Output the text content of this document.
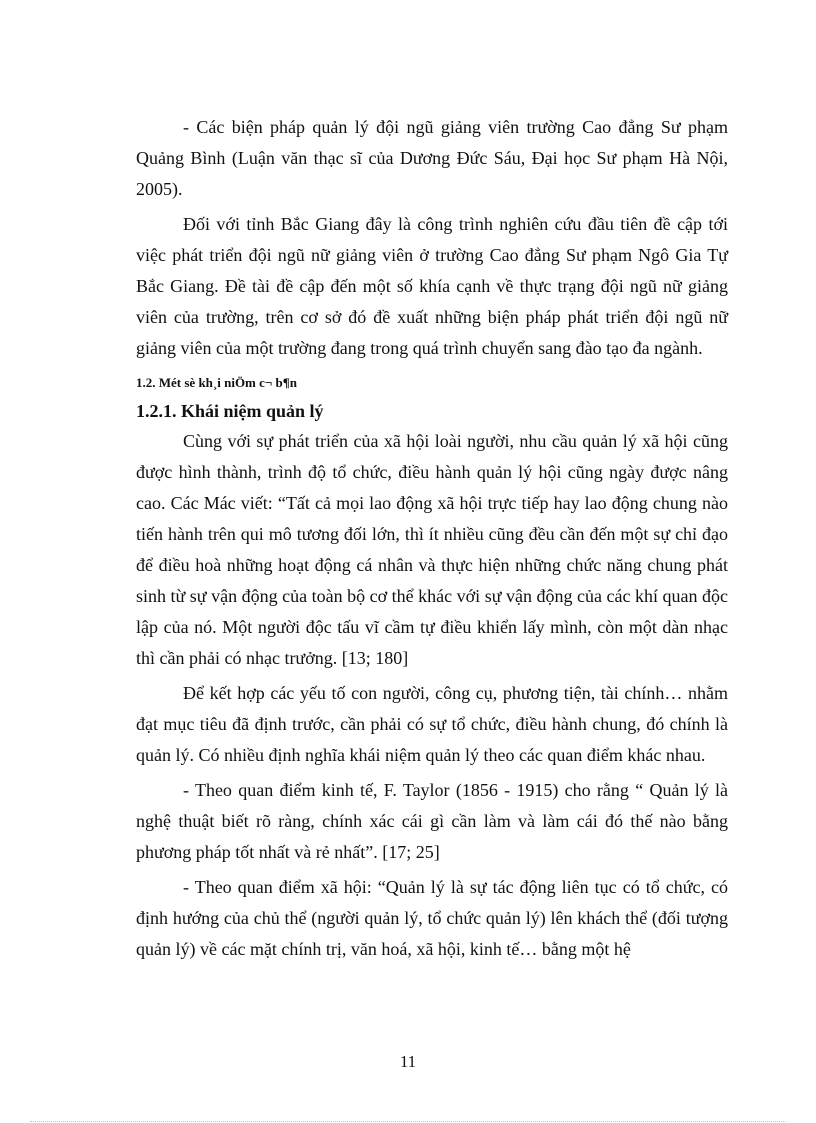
- Các biện pháp quản lý đội ngũ giảng viên trường Cao đẳng Sư phạm Quảng Bình (Luận văn thạc sĩ của Dương Đức Sáu, Đại học Sư phạm Hà Nội, 2005).

Đối với tỉnh Bắc Giang đây là công trình nghiên cứu đầu tiên đề cập tới việc phát triển đội ngũ nữ giảng viên ở trường Cao đẳng Sư phạm Ngô Gia Tự Bắc Giang. Đề tài đề cập đến một số khía cạnh về thực trạng đội ngũ nữ giảng viên của trường, trên cơ sở đó đề xuất những biện pháp phát triển đội ngũ nữ giảng viên của một trường đang trong quá trình chuyển sang đào tạo đa ngành.

1.2. Mét sè kh¸i niÖm c¬ b¶n

1.2.1. Khái niệm quản lý

Cùng với sự phát triển của xã hội loài người, nhu cầu quản lý xã hội cũng được hình thành, trình độ tổ chức, điều hành quản lý hội cũng ngày được nâng cao. Các Mác viết: “Tất cả mọi lao động xã hội trực tiếp hay lao động chung nào tiến hành trên qui mô tương đối lớn, thì ít nhiều cũng đều cần đến một sự chỉ đạo để điều hoà những hoạt động cá nhân và thực hiện những chức năng chung phát sinh từ sự vận động của toàn bộ cơ thể khác với sự vận động của các khí quan độc lập của nó. Một người độc tấu vĩ cầm tự điều khiển lấy mình, còn một dàn nhạc thì cần phải có nhạc trưởng. [13; 180]

Để kết hợp các yếu tố con người, công cụ, phương tiện, tài chính… nhằm đạt mục tiêu đã định trước, cần phải có sự tổ chức, điều hành chung, đó chính là quản lý. Có nhiều định nghĩa khái niệm quản lý theo các quan điểm khác nhau.

- Theo quan điểm kinh tế, F. Taylor (1856 - 1915) cho rằng “ Quản lý là nghệ thuật biết rõ ràng, chính xác cái gì cần làm và làm cái đó thế nào bằng phương pháp tốt nhất và rẻ nhất”. [17; 25]

- Theo quan điểm xã hội: “Quản lý là sự tác động liên tục có tổ chức, có định hướng của chủ thể (người quản lý, tổ chức quản lý) lên khách thể (đối tượng quản lý) về các mặt chính trị, văn hoá, xã hội, kinh tế… bằng một hệ

11
